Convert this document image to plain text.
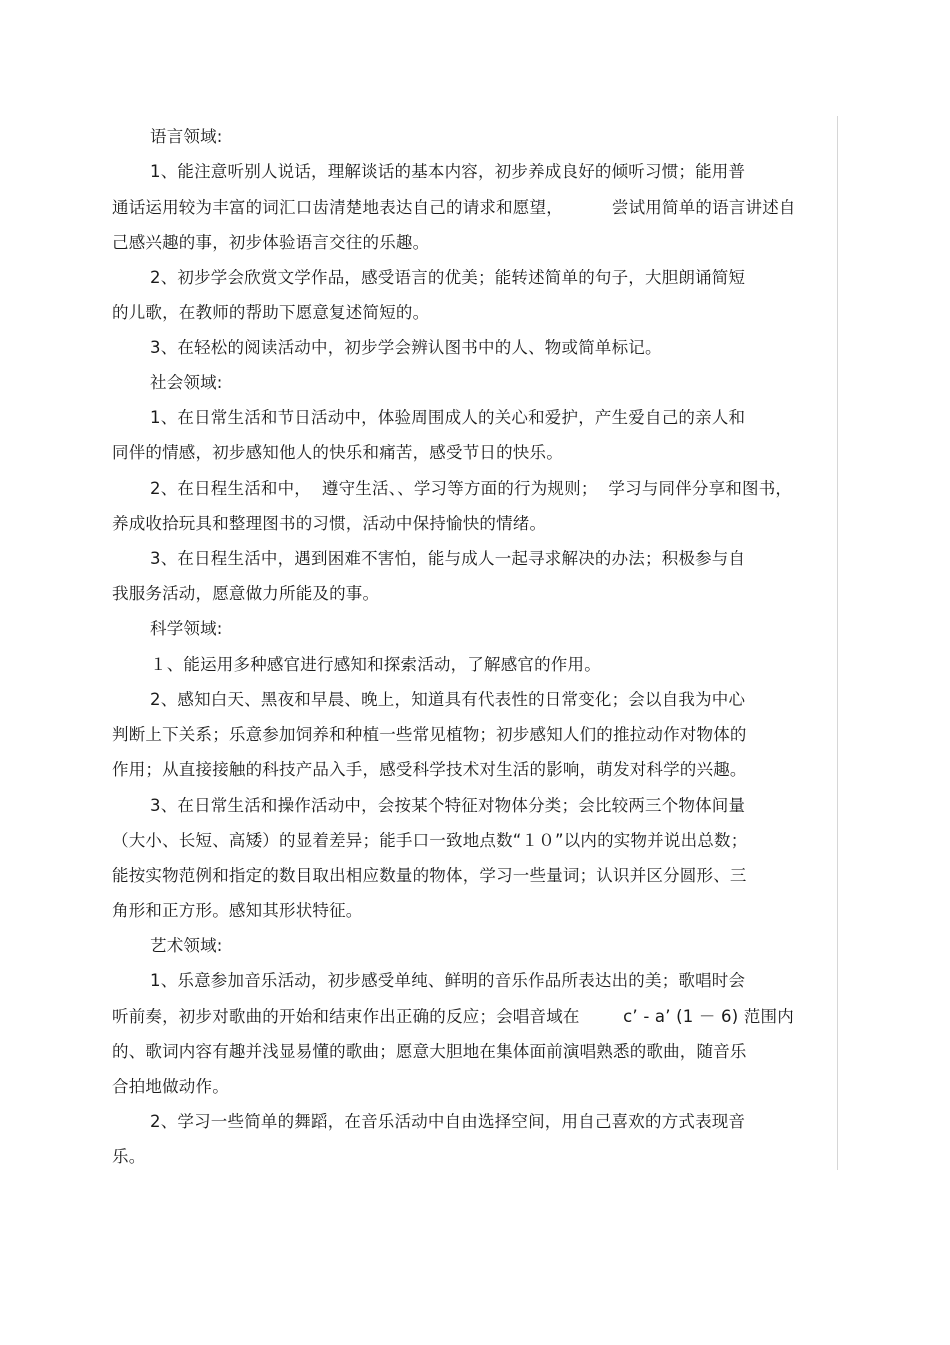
语言领域:
1、能注意听别人说话，理解谈话的基本内容，初步养成良好的倾听习惯；能用普
通话运用较为丰富的词汇口齿清楚地表达自己的请求和愿望，         尝试用简单的语言讲述自
己感兴趣的事，初步体验语言交往的乐趣。
2、初步学会欣赏文学作品，感受语言的优美；能转述简单的句子，大胆朗诵简短
的儿歌，在教师的帮助下愿意复述简短的。
3、在轻松的阅读活动中，初步学会辨认图书中的人、物或简单标记。
社会领域:
1、在日常生活和节日活动中，体验周围成人的关心和爱护，产生爱自己的亲人和
同伴的情感，初步感知他人的快乐和痛苦，感受节日的快乐。
2、在日程生活和中，  遵守生活、、学习等方面的行为规则；  学习与同伴分享和图书，
养成收拾玩具和整理图书的习惯，活动中保持愉快的情绪。
3、在日程生活中，遇到困难不害怕，能与成人一起寻求解决的办法；积极参与自
我服务活动，愿意做力所能及的事。
科学领域:
１、能运用多种感官进行感知和探索活动，了解感官的作用。
2、感知白天、黑夜和早晨、晚上，知道具有代表性的日常变化；会以自我为中心
判断上下关系；乐意参加饲养和种植一些常见植物；初步感知人们的推拉动作对物体的
作用；从直接接触的科技产品入手，感受科学技术对生活的影响，萌发对科学的兴趣。
3、在日常生活和操作活动中，会按某个特征对物体分类；会比较两三个物体间量
（大小、长短、高矮）的显着差异；能手口一致地点数“１０”以内的实物并说出总数；
能按实物范例和指定的数目取出相应数量的物体，学习一些量词；认识并区分圆形、三
角形和正方形。感知其形状特征。
艺术领域:
1、乐意参加音乐活动，初步感受单纯、鲜明的音乐作品所表达出的美；歌唱时会
听前奏，初步对歌曲的开始和结束作出正确的反应；会唱音域在        c’ - a’ (1 － 6) 范围内
的、歌词内容有趣并浅显易懂的歌曲；愿意大胆地在集体面前演唱熟悉的歌曲，随音乐
合拍地做动作。
2、学习一些简单的舞蹈，在音乐活动中自由选择空间，用自己喜欢的方式表现音
乐。
